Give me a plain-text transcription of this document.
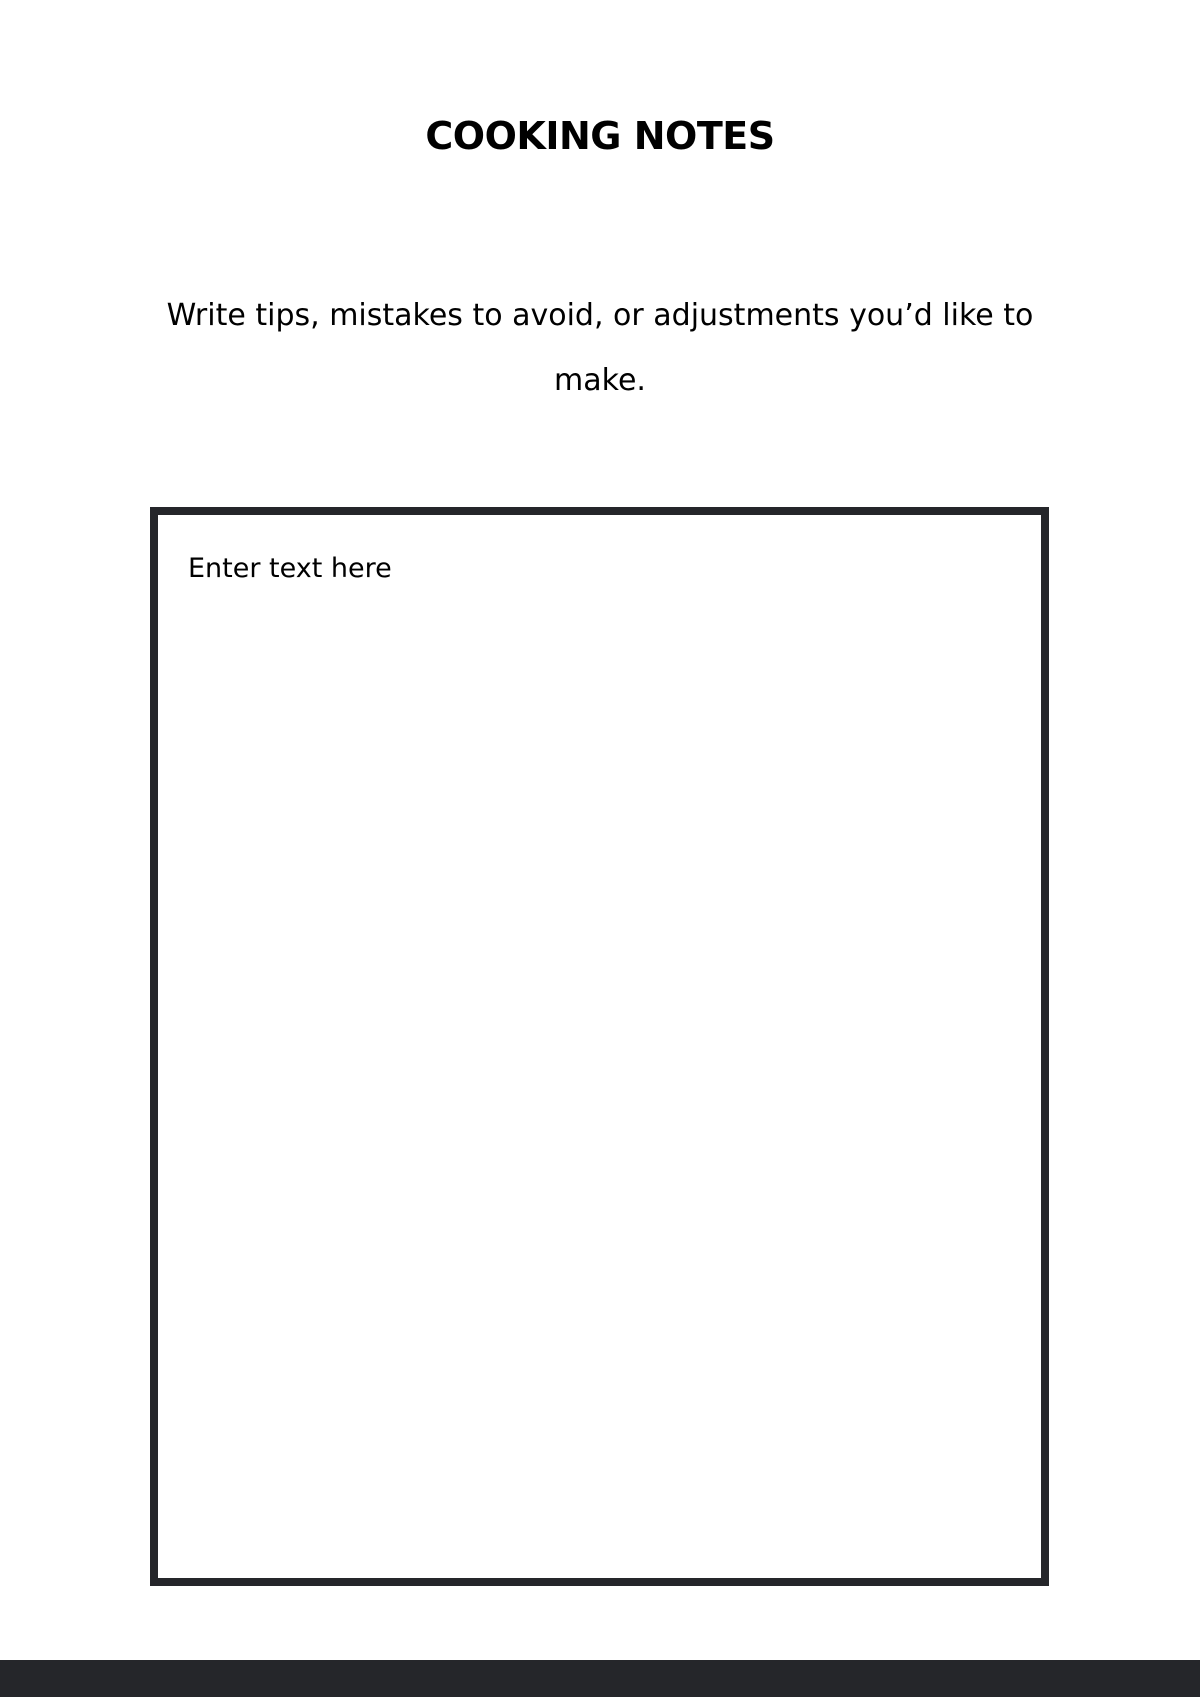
COOKING NOTES

Write tips, mistakes to avoid, or adjustments you’d like to make.

Enter text here
